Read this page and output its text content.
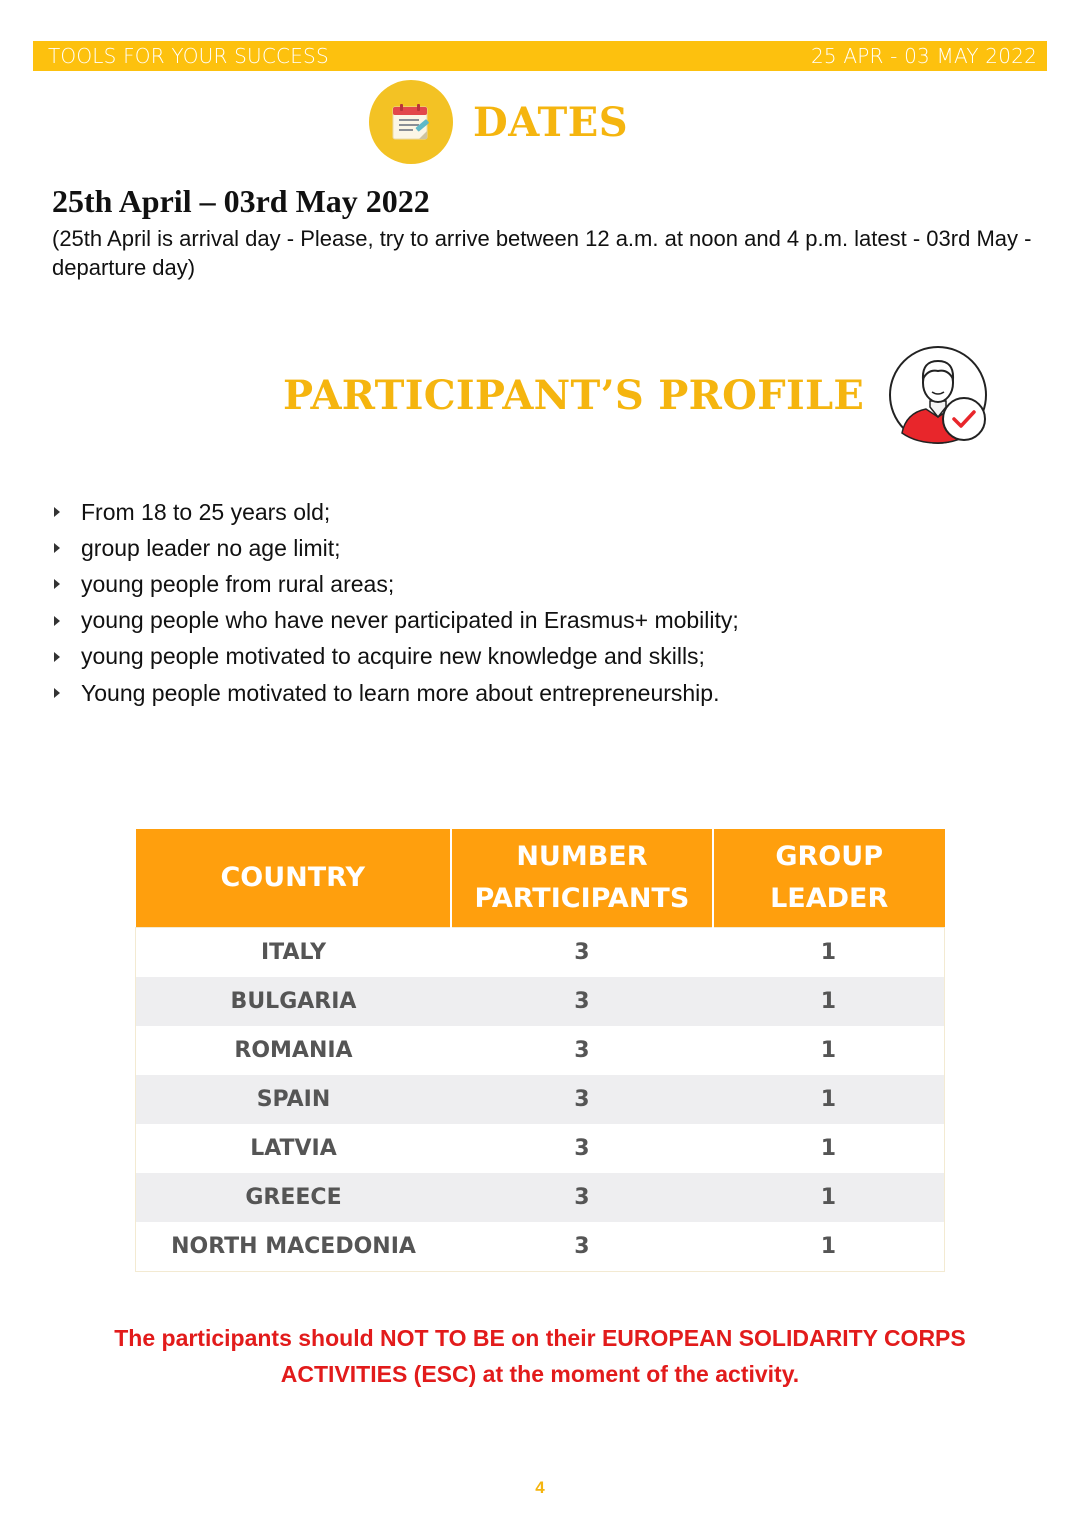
TOOLS FOR YOUR SUCCESS	25 APR - 03 MAY 2022
DATES
25th April – 03rd May 2022
(25th April is arrival day - Please, try to arrive between 12 a.m. at noon and 4 p.m. latest - 03rd May - departure day)
PARTICIPANT’S PROFILE
From 18 to 25 years old;
group leader no age limit;
young people from rural areas;
young people who have never participated in Erasmus+ mobility;
young people motivated to acquire new knowledge and skills;
Young people motivated to learn more about entrepreneurship.
COUNTRY	NUMBER PARTICIPANTS	GROUP LEADER
ITALY	3	1
BULGARIA	3	1
ROMANIA	3	1
SPAIN	3	1
LATVIA	3	1
GREECE	3	1
NORTH MACEDONIA	3	1
The participants should NOT TO BE on their EUROPEAN SOLIDARITY CORPS
ACTIVITIES (ESC) at the moment of the activity.
4
